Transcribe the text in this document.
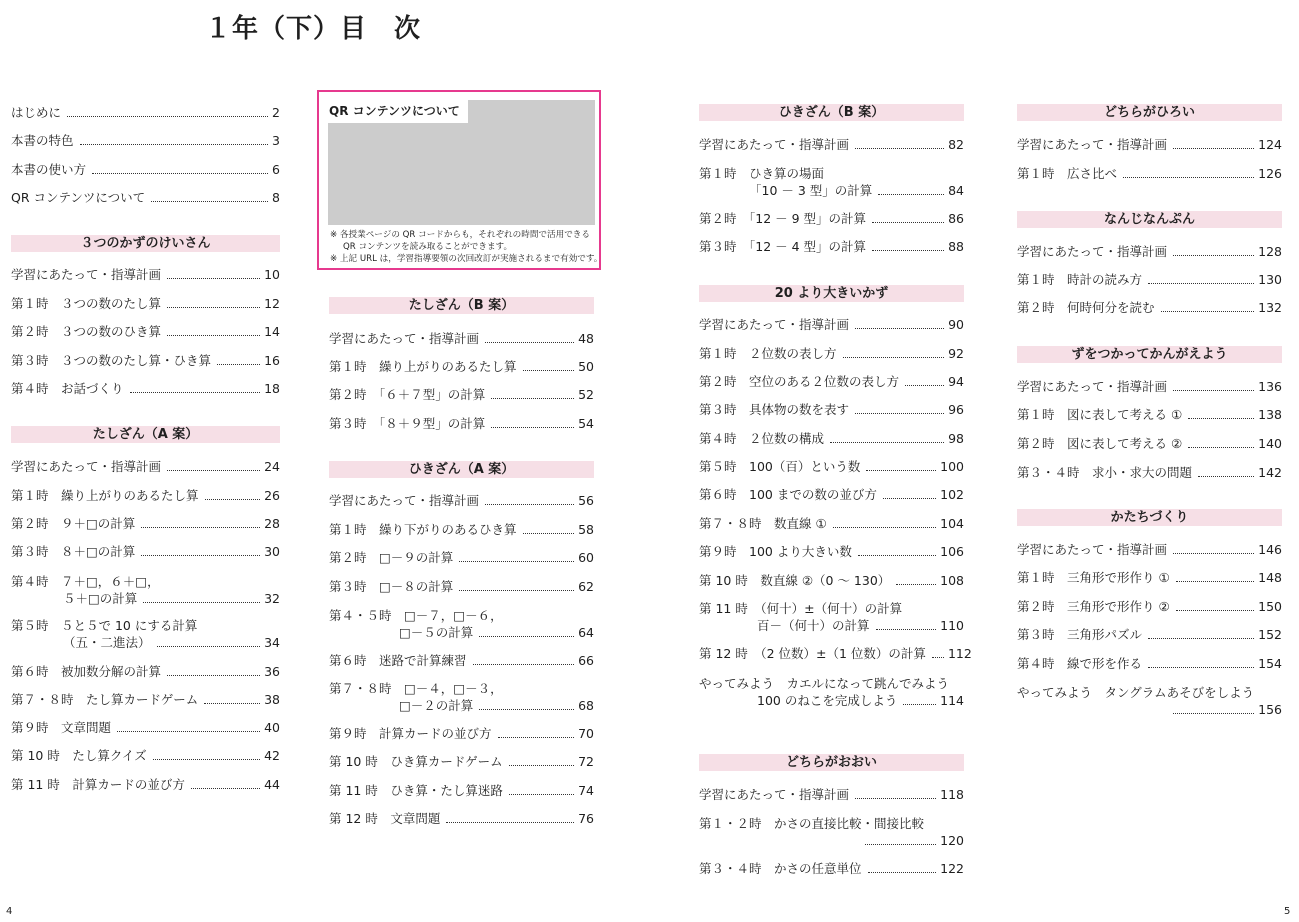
１年（下）目　次
QR コンテンツについて
※ 各授業ページの QR コードからも，それぞれの時間で活用できる
QR コンテンツを読み取ることができます。
※ 上記 URL は，学習指導要領の次回改訂が実施されるまで有効です。
はじめに	2
本書の特色	3
本書の使い方	6
QR コンテンツについて	8
３つのかずのけいさん
学習にあたって・指導計画	10
第１時　３つの数のたし算	12
第２時　３つの数のひき算	14
第３時　３つの数のたし算・ひき算	16
第４時　お話づくり	18
たしざん（A 案）
学習にあたって・指導計画	24
第１時　繰り上がりのあるたし算	26
第２時　９＋□の計算	28
第３時　８＋□の計算	30
第４時　７＋□，６＋□，
５＋□の計算	32
第５時　５と５で 10 にする計算
（五・二進法）	34
第６時　被加数分解の計算	36
第７・８時　たし算カードゲーム	38
第９時　文章問題	40
第 10 時　たし算クイズ	42
第 11 時　計算カードの並び方	44
たしざん（B 案）
学習にあたって・指導計画	48
第１時　繰り上がりのあるたし算	50
第２時　「６＋７型」の計算	52
第３時　「８＋９型」の計算	54
ひきざん（A 案）
学習にあたって・指導計画	56
第１時　繰り下がりのあるひき算	58
第２時　□－９の計算	60
第３時　□－８の計算	62
第４・５時　□－７，□－６，
□－５の計算	64
第６時　迷路で計算練習	66
第７・８時　□－４，□－３，
□－２の計算	68
第９時　計算カードの並び方	70
第 10 時　ひき算カードゲーム	72
第 11 時　ひき算・たし算迷路	74
第 12 時　文章問題	76
ひきざん（B 案）
学習にあたって・指導計画	82
第１時　ひき算の場面
「10 － 3 型」の計算	84
第２時　「12 － 9 型」の計算	86
第３時　「12 － 4 型」の計算	88
20 より大きいかず
学習にあたって・指導計画	90
第１時　２位数の表し方	92
第２時　空位のある２位数の表し方	94
第３時　具体物の数を表す	96
第４時　２位数の構成	98
第５時　100（百）という数	100
第６時　100 までの数の並び方	102
第７・８時　数直線 ①	104
第９時　100 より大きい数	106
第 10 時　数直線 ②（0 ～ 130）	108
第 11 時　（何十）±（何十）の計算
百－（何十）の計算	110
第 12 時　（2 位数）±（1 位数）の計算 112
やってみよう　カエルになって跳んでみよう
100 のねこを完成しよう	114
どちらがおおい
学習にあたって・指導計画	118
第１・２時　かさの直接比較・間接比較
120
第３・４時　かさの任意単位	122
どちらがひろい
学習にあたって・指導計画	124
第１時　広さ比べ	126
なんじなんぷん
学習にあたって・指導計画	128
第１時　時計の読み方	130
第２時　何時何分を読む	132
ずをつかってかんがえよう
学習にあたって・指導計画	136
第１時　図に表して考える ①	138
第２時　図に表して考える ②	140
第３・４時　求小・求大の問題	142
かたちづくり
学習にあたって・指導計画	146
第１時　三角形で形作り ①	148
第２時　三角形で形作り ②	150
第３時　三角形パズル	152
第４時　線で形を作る	154
やってみよう　タングラムあそびをしよう
156
4	5
